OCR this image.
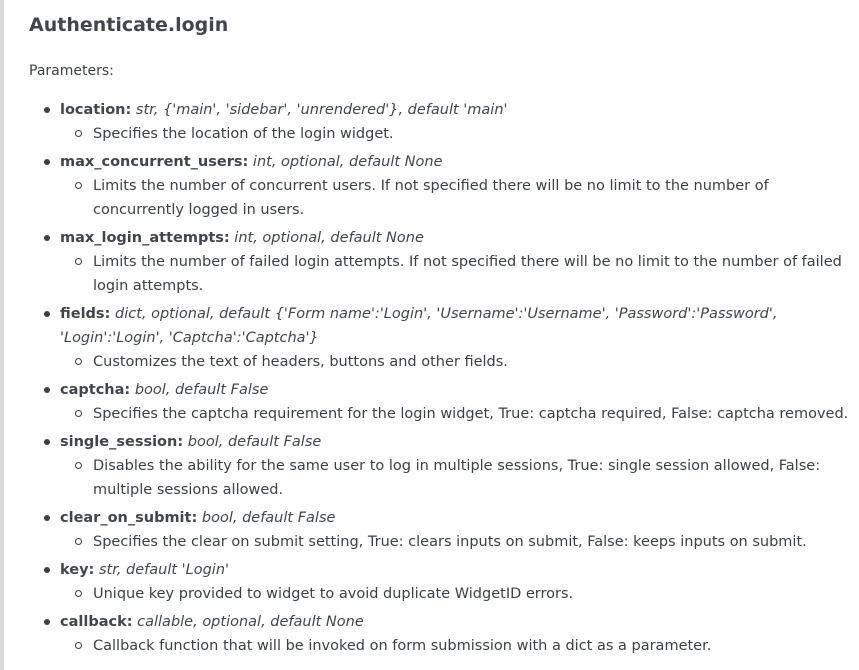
Authenticate.login
Parameters:
location: str, {'main', 'sidebar', 'unrendered'}, default 'main'
Specifies the location of the login widget.
max_concurrent_users: int, optional, default None
Limits the number of concurrent users. If not specified there will be no limit to the number of concurrently logged in users.
max_login_attempts: int, optional, default None
Limits the number of failed login attempts. If not specified there will be no limit to the number of failed login attempts.
fields: dict, optional, default {'Form name':'Login', 'Username':'Username', 'Password':'Password', 'Login':'Login', 'Captcha':'Captcha'}
Customizes the text of headers, buttons and other fields.
captcha: bool, default False
Specifies the captcha requirement for the login widget, True: captcha required, False: captcha removed.
single_session: bool, default False
Disables the ability for the same user to log in multiple sessions, True: single session allowed, False: multiple sessions allowed.
clear_on_submit: bool, default False
Specifies the clear on submit setting, True: clears inputs on submit, False: keeps inputs on submit.
key: str, default 'Login'
Unique key provided to widget to avoid duplicate WidgetID errors.
callback: callable, optional, default None
Callback function that will be invoked on form submission with a dict as a parameter.
